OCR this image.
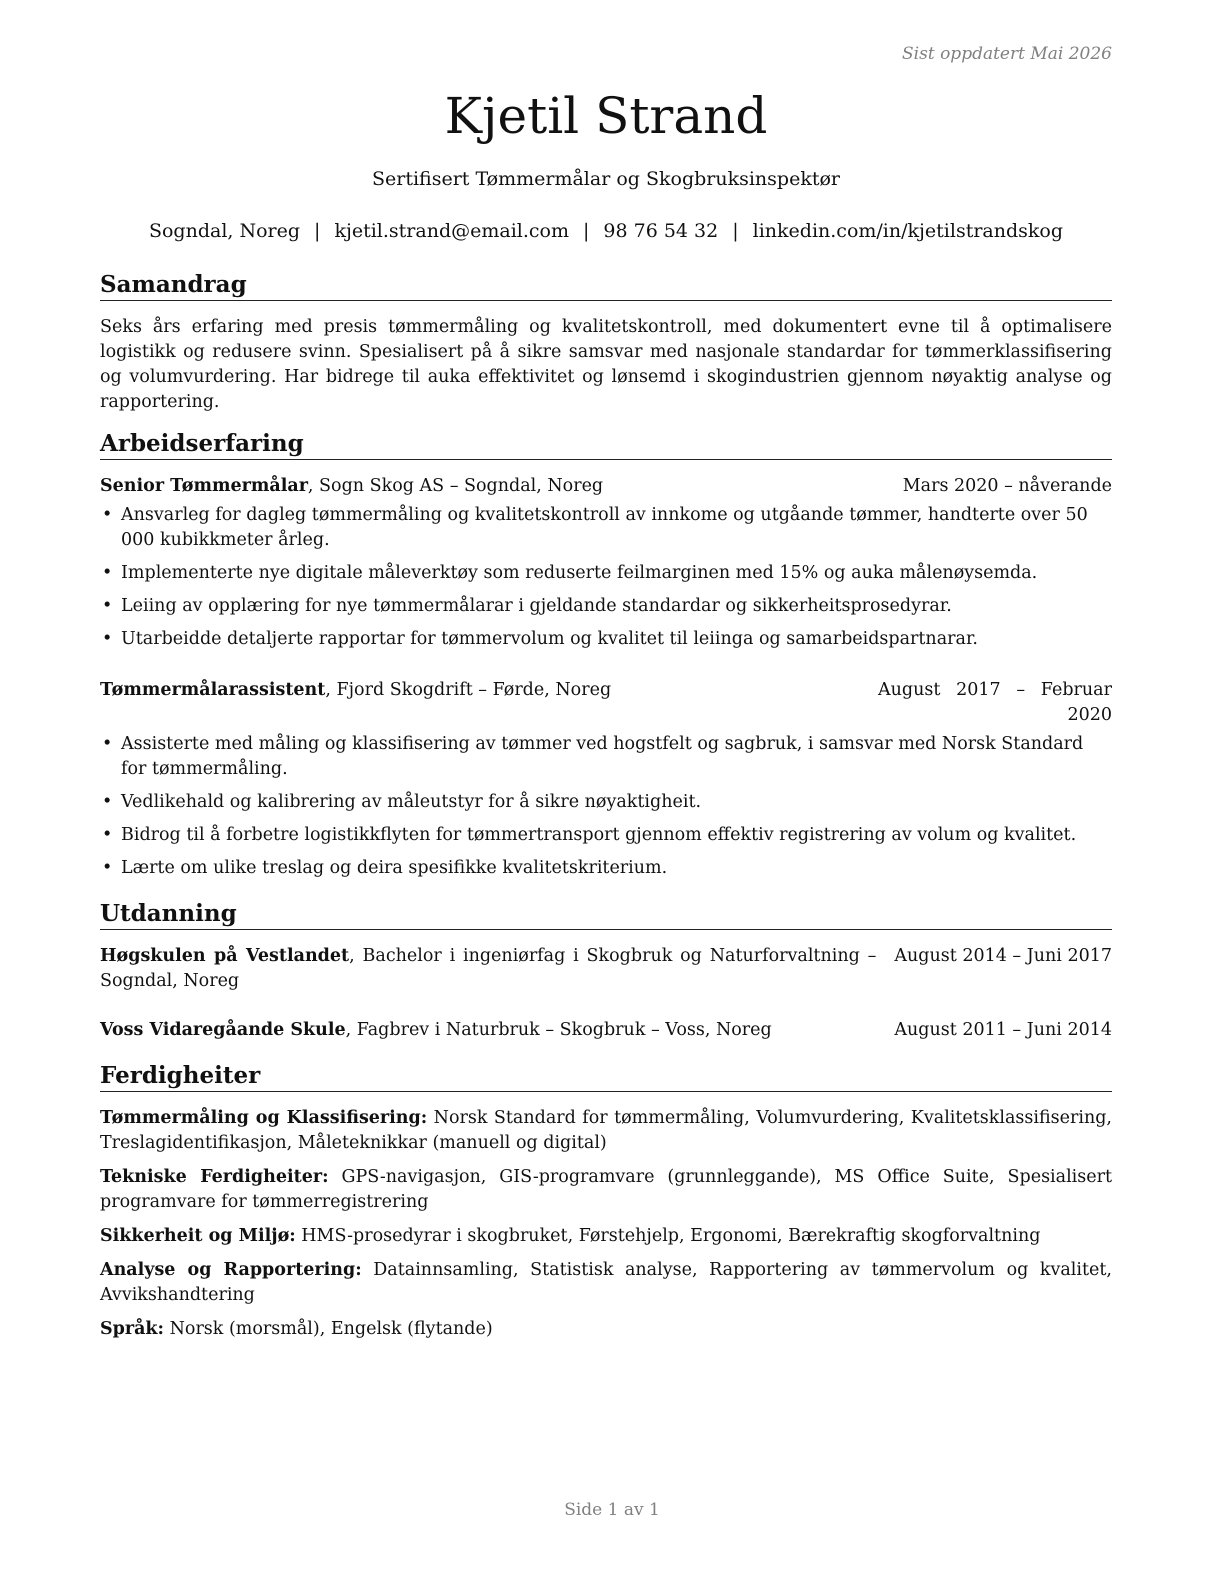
Sist oppdatert Mai 2026
Kjetil Strand
Sertifisert Tømmermålar og Skogbruksinspektør
Sogndal, Noreg | kjetil.strand@email.com | 98 76 54 32 | linkedin.com/in/kjetilstrandskog
Samandrag
Seks års erfaring med presis tømmermåling og kvalitetskontroll, med dokumentert evne til å optimalisere logistikk og redusere svinn. Spesialisert på å sikre samsvar med nasjonale standardar for tømmerklassifisering og volumvurdering. Har bidrege til auka effektivitet og lønsemd i skogindustrien gjennom nøyaktig analyse og rapportering.
Arbeidserfaring
Senior Tømmermålar, Sogn Skog AS – Sogndal, Noreg	Mars 2020 – nåverande
• Ansvarleg for dagleg tømmermåling og kvalitetskontroll av innkome og utgåande tømmer, handterte over 50 000 kubikkmeter årleg.
• Implementerte nye digitale måleverktøy som reduserte feilmarginen med 15% og auka målenøysemda.
• Leiing av opplæring for nye tømmermålarar i gjeldande standardar og sikkerheitsprosedyrar.
• Utarbeidde detaljerte rapportar for tømmervolum og kvalitet til leiinga og samarbeidspartnarar.
Tømmermålarassistent, Fjord Skogdrift – Førde, Noreg	August 2017 – Februar 2020
• Assisterte med måling og klassifisering av tømmer ved hogstfelt og sagbruk, i samsvar med Norsk Standard for tømmermåling.
• Vedlikehald og kalibrering av måleutstyr for å sikre nøyaktigheit.
• Bidrog til å forbetre logistikkflyten for tømmertransport gjennom effektiv registrering av volum og kvalitet.
• Lærte om ulike treslag og deira spesifikke kvalitetskriterium.
Utdanning
Høgskulen på Vestlandet, Bachelor i ingeniørfag i Skogbruk og Naturforvaltning – Sogndal, Noreg
August 2014 – Juni 2017
Voss Vidaregåande Skule, Fagbrev i Naturbruk – Skogbruk – Voss, Noreg	August 2011 – Juni 2014
Ferdigheiter
Tømmermåling og Klassifisering: Norsk Standard for tømmermåling, Volumvurdering, Kvalitetsklassifisering, Treslagidentifikasjon, Måleteknikkar (manuell og digital)
Tekniske Ferdigheiter: GPS-navigasjon, GIS-programvare (grunnleggande), MS Office Suite, Spesialisert programvare for tømmerregistrering
Sikkerheit og Miljø: HMS-prosedyrar i skogbruket, Førstehjelp, Ergonomi, Bærekraftig skogforvaltning
Analyse og Rapportering: Datainnsamling, Statistisk analyse, Rapportering av tømmervolum og kvalitet, Avvikshandtering
Språk: Norsk (morsmål), Engelsk (flytande)
Side 1 av 1
